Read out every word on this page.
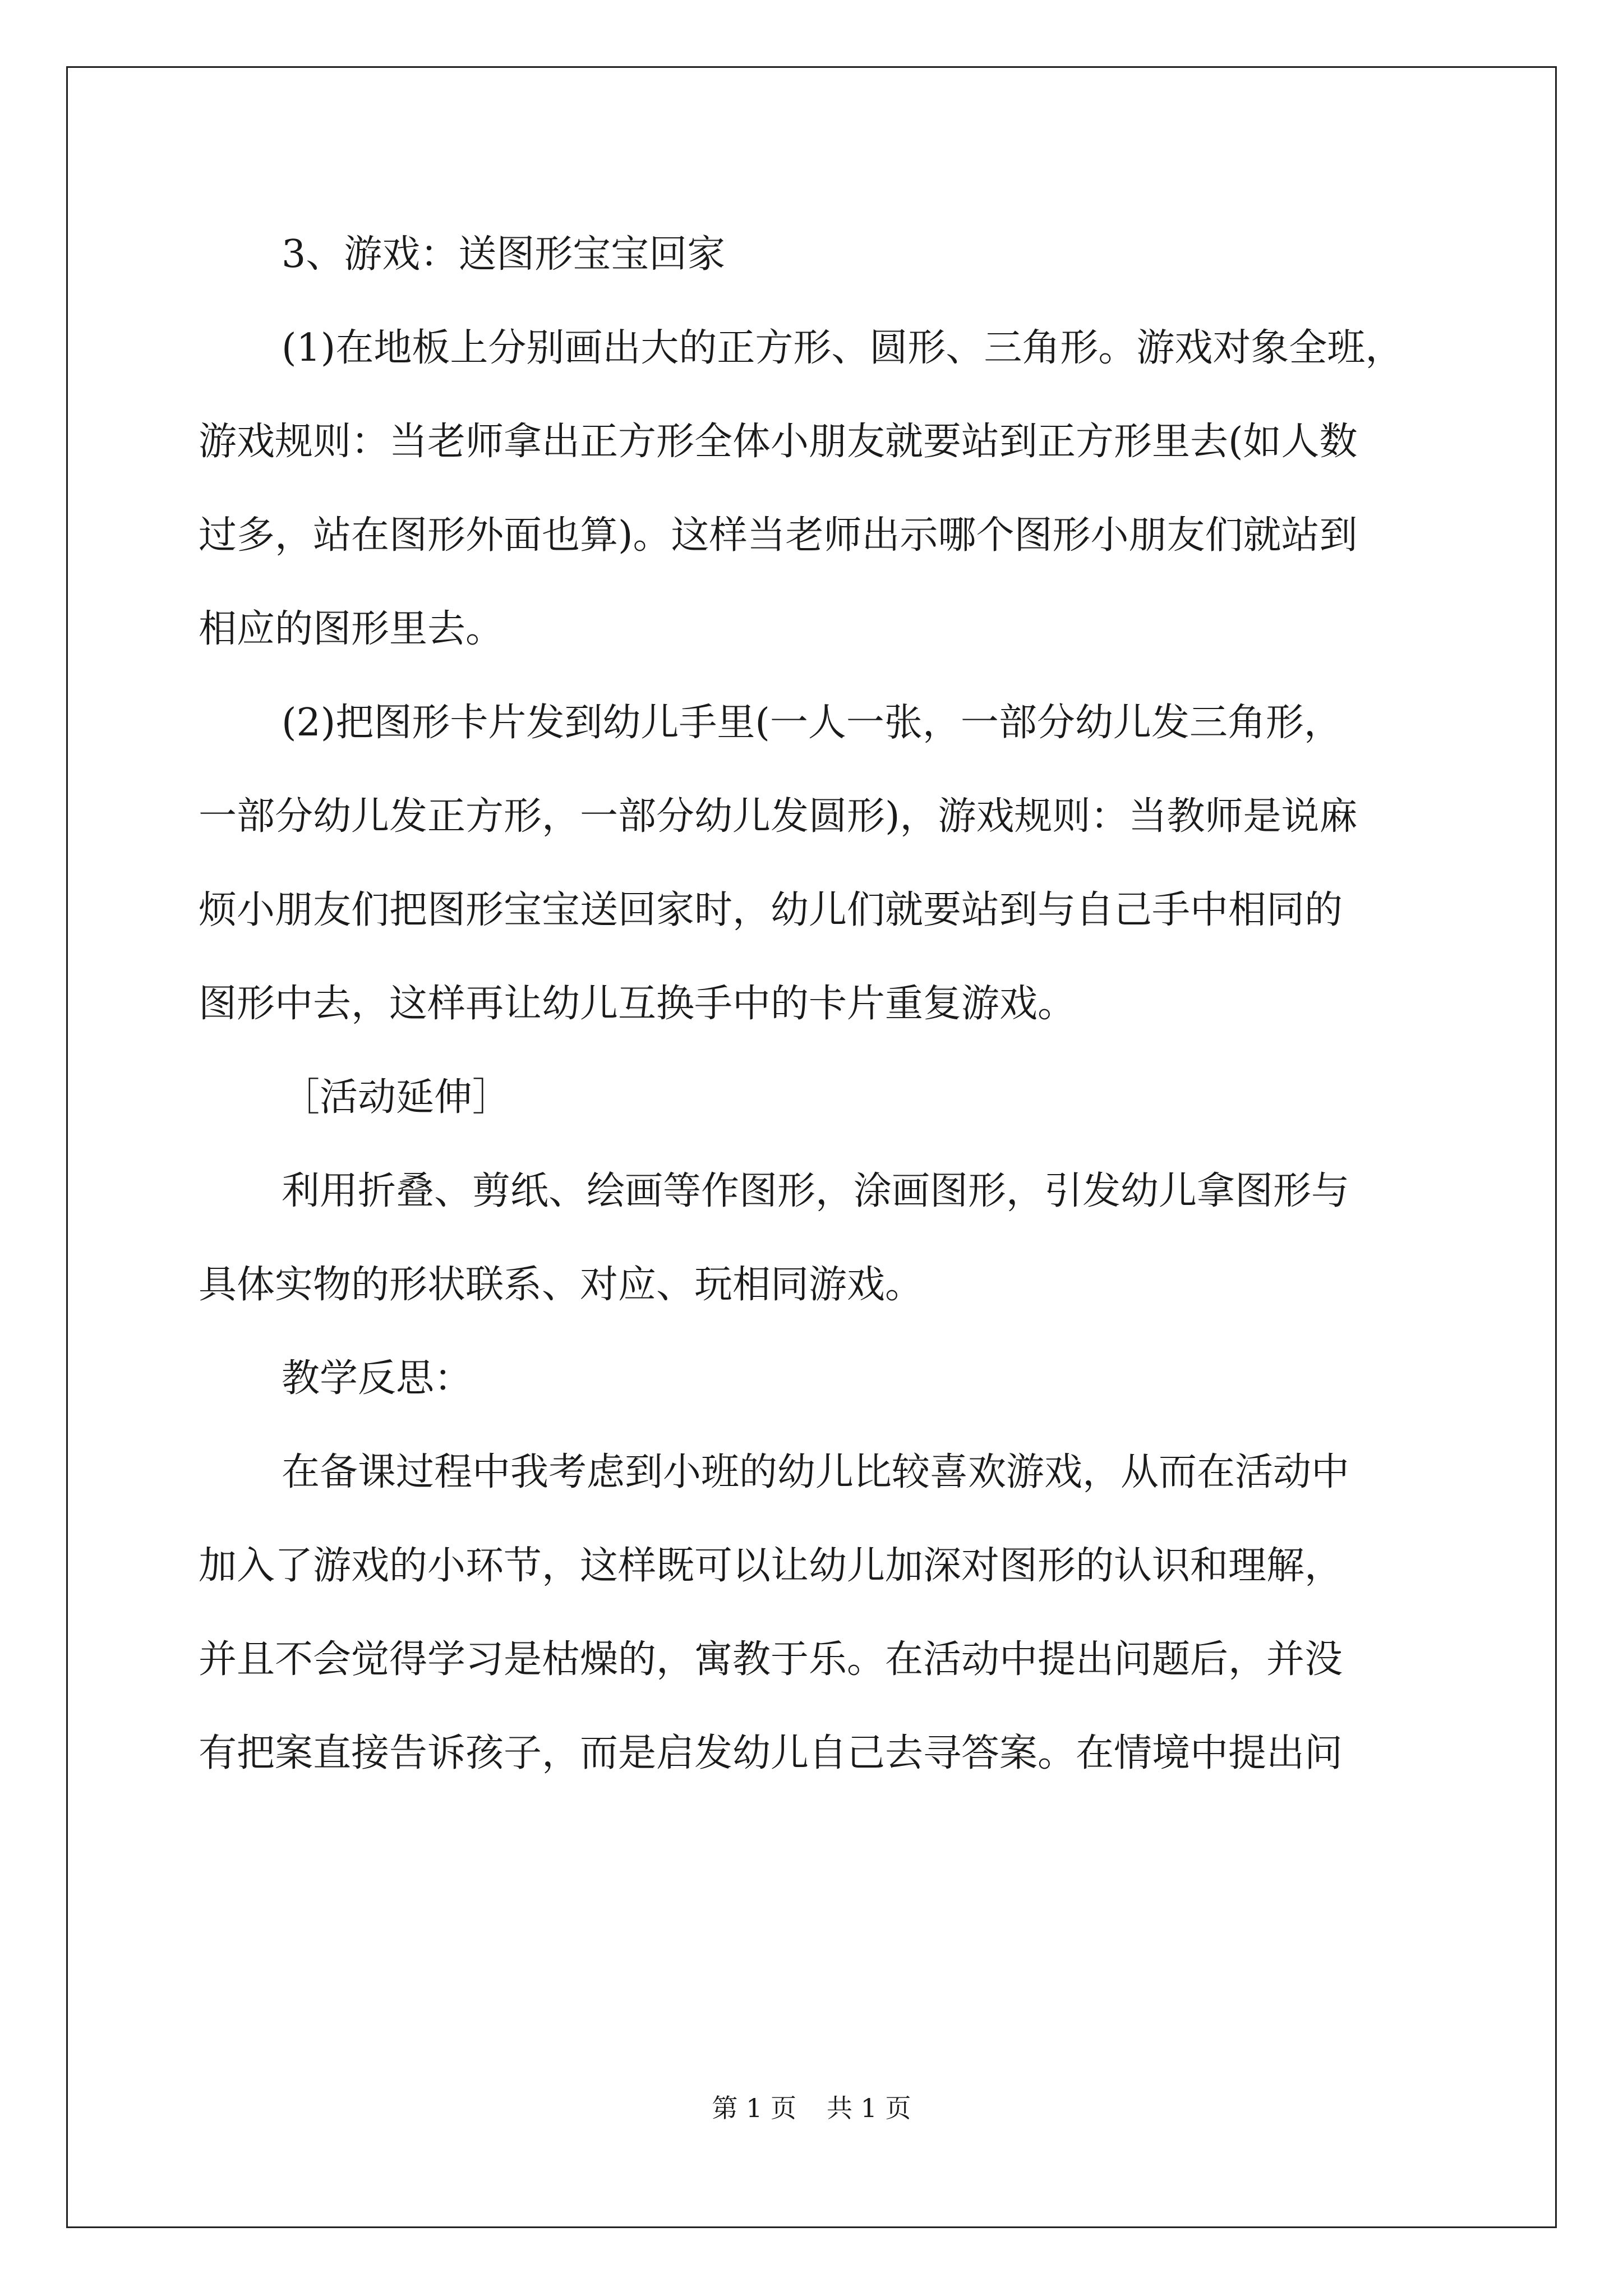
3、游戏：送图形宝宝回家

(1)在地板上分别画出大的正方形、圆形、三角形。游戏对象全班，
游戏规则：当老师拿出正方形全体小朋友就要站到正方形里去(如人数
过多，站在图形外面也算)。这样当老师出示哪个图形小朋友们就站到
相应的图形里去。

(2)把图形卡片发到幼儿手里(一人一张，一部分幼儿发三角形，
一部分幼儿发正方形，一部分幼儿发圆形)，游戏规则：当教师是说麻
烦小朋友们把图形宝宝送回家时，幼儿们就要站到与自己手中相同的
图形中去，这样再让幼儿互换手中的卡片重复游戏。

［活动延伸］

利用折叠、剪纸、绘画等作图形，涂画图形，引发幼儿拿图形与
具体实物的形状联系、对应、玩相同游戏。

教学反思：

在备课过程中我考虑到小班的幼儿比较喜欢游戏，从而在活动中
加入了游戏的小环节，这样既可以让幼儿加深对图形的认识和理解，
并且不会觉得学习是枯燥的，寓教于乐。在活动中提出问题后，并没
有把案直接告诉孩子，而是启发幼儿自己去寻答案。在情境中提出问

第 1 页 共 1 页
